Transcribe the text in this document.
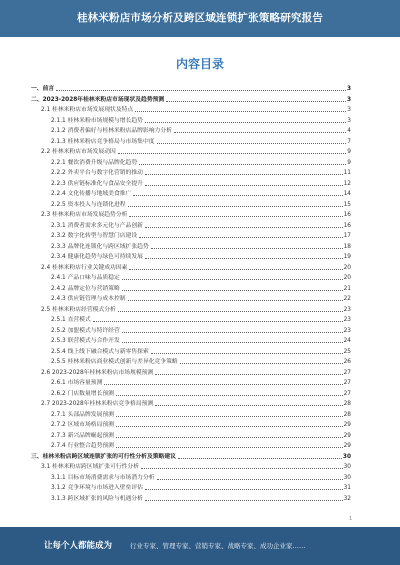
桂林米粉店市场分析及跨区域连锁扩张策略研究报告
内容目录
一、前言	3
二、2023-2028年桂林米粉店市场现状及趋势预测	3
2.1 桂林米粉店市场发展现状及特点	3
2.1.1 桂林米粉市场规模与增长趋势	3
2.1.2 消费者偏好与桂林米粉店品牌影响力分析	4
2.1.3 桂林米粉店竞争格局与市场集中度	7
2.2 桂林米粉店市场发展动因	9
2.2.1 餐饮消费升级与品牌化趋势	9
2.2.2 外卖平台与数字化营销的推动	11
2.2.3 供应链标准化与食品安全提升	12
2.2.4 文化传播与地域美食推广	14
2.2.5 资本投入与连锁化进程	15
2.3 桂林米粉店市场发展趋势分析	16
2.3.1 消费者需求多元化与产品创新	16
2.3.2 数字化转型与智慧门店建设	17
2.3.3 品牌化连锁化与跨区域扩张趋势	18
2.3.4 健康化趋势与绿色可持续发展	19
2.4 桂林米粉店行业关键成功因素	20
2.4.1 产品口味与品质稳定	20
2.4.2 品牌定位与营销策略	21
2.4.3 供应链管理与成本控制	22
2.5 桂林米粉店经营模式分析	23
2.5.1 直营模式	23
2.5.2 加盟模式与特许经营	23
2.5.3 联营模式与合作开发	24
2.5.4 线上线下融合模式与新零售探索	25
2.5.5 桂林米粉店商业模式创新与差异化竞争策略	26
2.6 2023-2028年桂林米粉店市场规模预测	27
2.6.1 市场容量预测	27
2.6.2 门店数量增长预测	27
2.7 2023-2028年桂林米粉店竞争格局预测	28
2.7.1 头部品牌发展预测	28
2.7.2 区域市场格局预测	29
2.7.3 新兴品牌崛起预测	29
2.7.4 行业整合趋势预测	29
三、桂林米粉店跨区域连锁扩张的可行性分析及策略建议	30
3.1 桂林米粉店跨区域扩张可行性分析	30
3.1.1 目标市场消费需求与市场潜力分析	30
3.1.2 竞争环境与市场进入壁垒评估	31
3.1.3 跨区域扩张的风险与机遇分析	32
1
让每个人都能成为	行业专家、管理专家、营销专家、战略专家、成功企业家……
